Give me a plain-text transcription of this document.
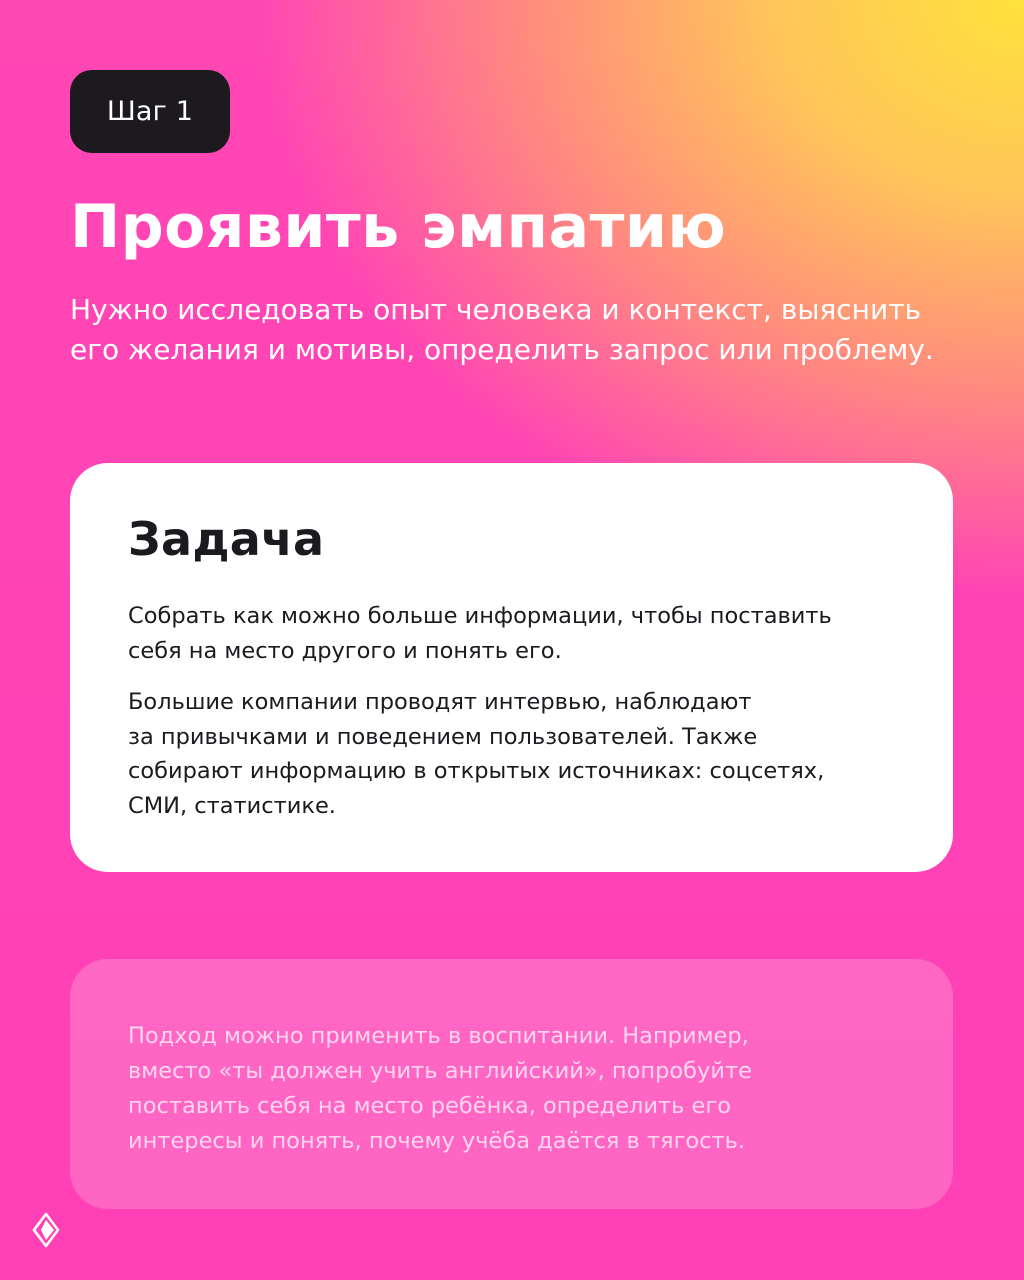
Шаг 1
Проявить эмпатию

Нужно исследовать опыт человека и контекст, выяснить его желания и мотивы, определить запрос или проблему.

Задача

Собрать как можно больше информации, чтобы поставить
себя на место другого и понять его.

Большие компании проводят интервью, наблюдают
за привычками и поведением пользователей. Также
собирают информацию в открытых источниках: соцсетях,
СМИ, статистике.

Подход можно применить в воспитании. Например,
вместо «ты должен учить английский», попробуйте
поставить себя на место ребёнка, определить его
интересы и понять, почему учёба даётся в тягость.
